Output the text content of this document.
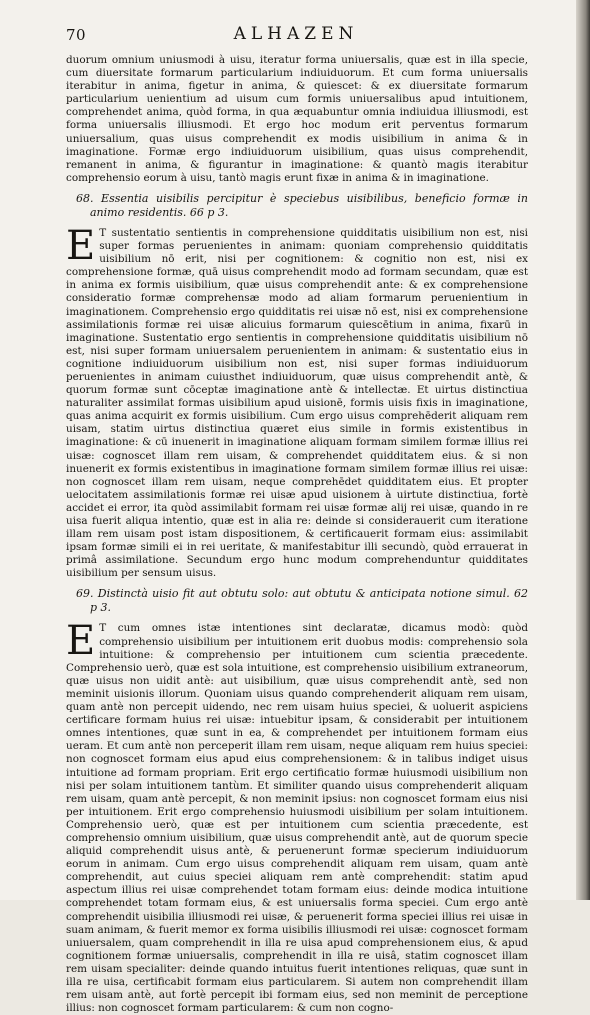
70	ALHAZEN

duorum omnium uniusmodi à uisu, iteratur forma uniuersalis, quæ est in illa specie, cum diuersitate formarum particularium indiuiduorum. Et cum forma uniuersalis iterabitur in anima, figetur in anima, & quiescet: & ex diuersitate formarum particularium uenientium ad uisum cum formis uniuersalibus apud intuitionem, comprehendet anima, quòd forma, in qua æquabuntur omnia indiuidua illiusmodi, est forma uniuersalis illiusmodi. Et ergo hoc modum erit perventus formarum uniuersalium, quas uisus comprehendit ex modis uisibilium in anima & in imaginatione. Formæ ergo indiuiduorum uisibilium, quas uisus comprehendit, remanent in anima, & figurantur in imaginatione: & quantò magis iterabitur comprehensio eorum à uisu, tantò magis erunt fixæ in anima & in imaginatione.

68. Essentia uisibilis percipitur è speciebus uisibilibus, beneficio formæ in animo residentis. 66 p 3.

E T sustentatio sentientis in comprehensione quidditatis uisibilium non est, nisi super formas peruenientes in animam: quoniam comprehensio quidditatis uisibilium nō erit, nisi per cognitionem: & cognitio non est, nisi ex comprehensione formæ, quā uisus comprehendit modo ad formam secundam, quæ est in anima ex formis uisibilium, quæ uisus comprehendit ante: & ex comprehensione consideratio formæ comprehensæ modo ad aliam formarum peruenientium in imaginationem. Comprehensio ergo quidditatis rei uisæ nō est, nisi ex comprehensione assimilationis formæ rei uisæ alicuius formarum quiescētium in anima, fixarū in imaginatione. Sustentatio ergo sentientis in comprehensione quidditatis uisibilium nō est, nisi super formam uniuersalem peruenientem in animam: & sustentatio eius in cognitione indiuiduorum uisibilium non est, nisi super formas indiuiduorum peruenientes in animam cuiusthet indiuiduorum, quæ uisus comprehendit antè, & quorum formæ sunt cōceptæ imaginatione antè & intellectæ. Et uirtus distinctiua naturaliter assimilat formas uisibilium apud uisionē, formis uisis fixis in imaginatione, quas anima acquirit ex formis uisibilium. Cum ergo uisus comprehēderit aliquam rem uisam, statim uirtus distinctiua quæret eius simile in formis existentibus in imaginatione: & cū inuenerit in imaginatione aliquam formam similem formæ illius rei uisæ: cognoscet illam rem uisam, & comprehendet quidditatem eius. & si non inuenerit ex formis existentibus in imaginatione formam similem formæ illius rei uisæ: non cognoscet illam rem uisam, neque comprehēdet quidditatem eius. Et propter uelocitatem assimilationis formæ rei uisæ apud uisionem à uirtute distinctiua, fortè accidet ei error, ita quòd assimilabit formam rei uisæ formæ alij rei uisæ, quando in re uisa fuerit aliqua intentio, quæ est in alia re: deinde si considerauerit cum iteratione illam rem uisam post istam dispositionem, & certificauerit formam eius: assimilabit ipsam formæ simili ei in rei ueritate, & manifestabitur illi secundò, quòd errauerat in primâ assimilatione. Secundum ergo hunc modum comprehenduntur quidditates uisibilium per sensum uisus.

69. Distinctà uisio fit aut obtutu solo: aut obtutu & anticipata notione simul. 62 p 3.

E T cum omnes istæ intentiones sint declaratæ, dicamus modò: quòd comprehensio uisibilium per intuitionem erit duobus modis: comprehensio sola intuitione: & comprehensio per intuitionem cum scientia præcedente. Comprehensio uerò, quæ est sola intuitione, est comprehensio uisibilium extraneorum, quæ uisus non uidit antè: aut uisibilium, quæ uisus comprehendit antè, sed non meminit uisionis illorum. Quoniam uisus quando comprehenderit aliquam rem uisam, quam antè non percepit uidendo, nec rem uisam huius speciei, & uoluerit aspiciens certificare formam huius rei uisæ: intuebitur ipsam, & considerabit per intuitionem omnes intentiones, quæ sunt in ea, & comprehendet per intuitionem formam eius ueram. Et cum antè non perceperit illam rem uisam, neque aliquam rem huius speciei: non cognoscet formam eius apud eius comprehensionem: & in talibus indiget uisus intuitione ad formam propriam. Erit ergo certificatio formæ huiusmodi uisibilium non nisi per solam intuitionem tantùm. Et similiter quando uisus comprehenderit aliquam rem uisam, quam antè percepit, & non meminit ipsius: non cognoscet formam eius nisi per intuitionem. Erit ergo comprehensio huiusmodi uisibilium per solam intuitionem. Comprehensio uerò, quæ est per intuitionem cum scientia præcedente, est comprehensio omnium uisibilium, quæ uisus comprehendit antè, aut de quorum specie aliquid comprehendit uisus antè, & peruenerunt formæ specierum indiuiduorum eorum in animam. Cum ergo uisus comprehendit aliquam rem uisam, quam antè comprehendit, aut cuius speciei aliquam rem antè comprehendit: statim apud aspectum illius rei uisæ comprehendet totam formam eius: deinde modica intuitione comprehendet totam formam eius, & est uniuersalis forma speciei. Cum ergo antè comprehendit uisibilia illiusmodi rei uisæ, & peruenerit forma speciei illius rei uisæ in suam animam, & fuerit memor ex forma uisibilis illiusmodi rei uisæ: cognoscet formam uniuersalem, quam comprehendit in illa re uisa apud comprehensionem eius, & apud cognitionem formæ uniuersalis, comprehendit in illa re uisâ, statim cognoscet illam rem uisam specialiter: deinde quando intuitus fuerit intentiones reliquas, quæ sunt in illa re uisa, certificabit formam eius particularem. Si autem non comprehendit illam rem uisam antè, aut fortè percepit ibi formam eius, sed non meminit de perceptione illius: non cognoscet formam particularem: & cum non cogno-
